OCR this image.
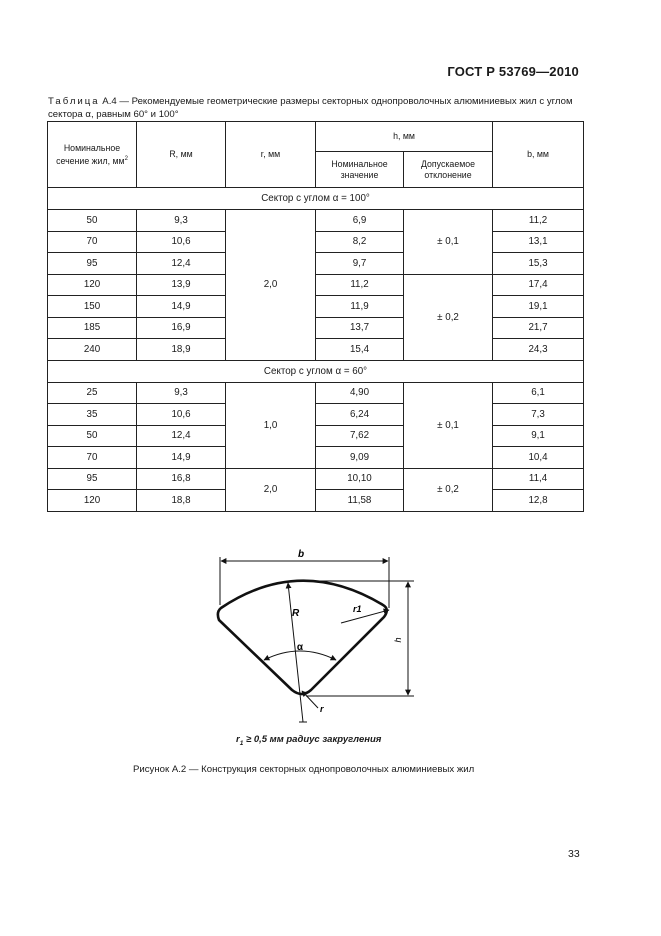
ГОСТ Р 53769—2010
Таблица А.4 — Рекомендуемые геометрические размеры секторных однопроволочных алюминиевых жил с углом сектора α, равным 60° и 100°
Номинальное сечение жил, $мм^2$	R, мм	r, мм	h, мм		b, мм
			Номинальное значение	Допускаемое отклонение	
Сектор с углом α = 100°					
50	9,3	2,0	6,9	± 0,1	11,2
70	10,6		8,2		13,1
95	12,4		9,7		15,3
120	13,9		11,2	± 0,2	17,4
150	14,9		11,9		19,1
185	16,9		13,7		21,7
240	18,9		15,4		24,3
Сектор с углом α = 60°					
25	9,3	1,0	4,90	± 0,1	6,1
35	10,6		6,24		7,3
50	12,4		7,62		9,1
70	14,9		9,09		10,4
95	16,8	2,0	10,10	± 0,2	11,4
120	18,8		11,58		12,8
b
R	r1
α
h
r
$r_1 \ge 0,5$ мм радиус закругления
Рисунок А.2 — Конструкция секторных однопроволочных алюминиевых жил
33
